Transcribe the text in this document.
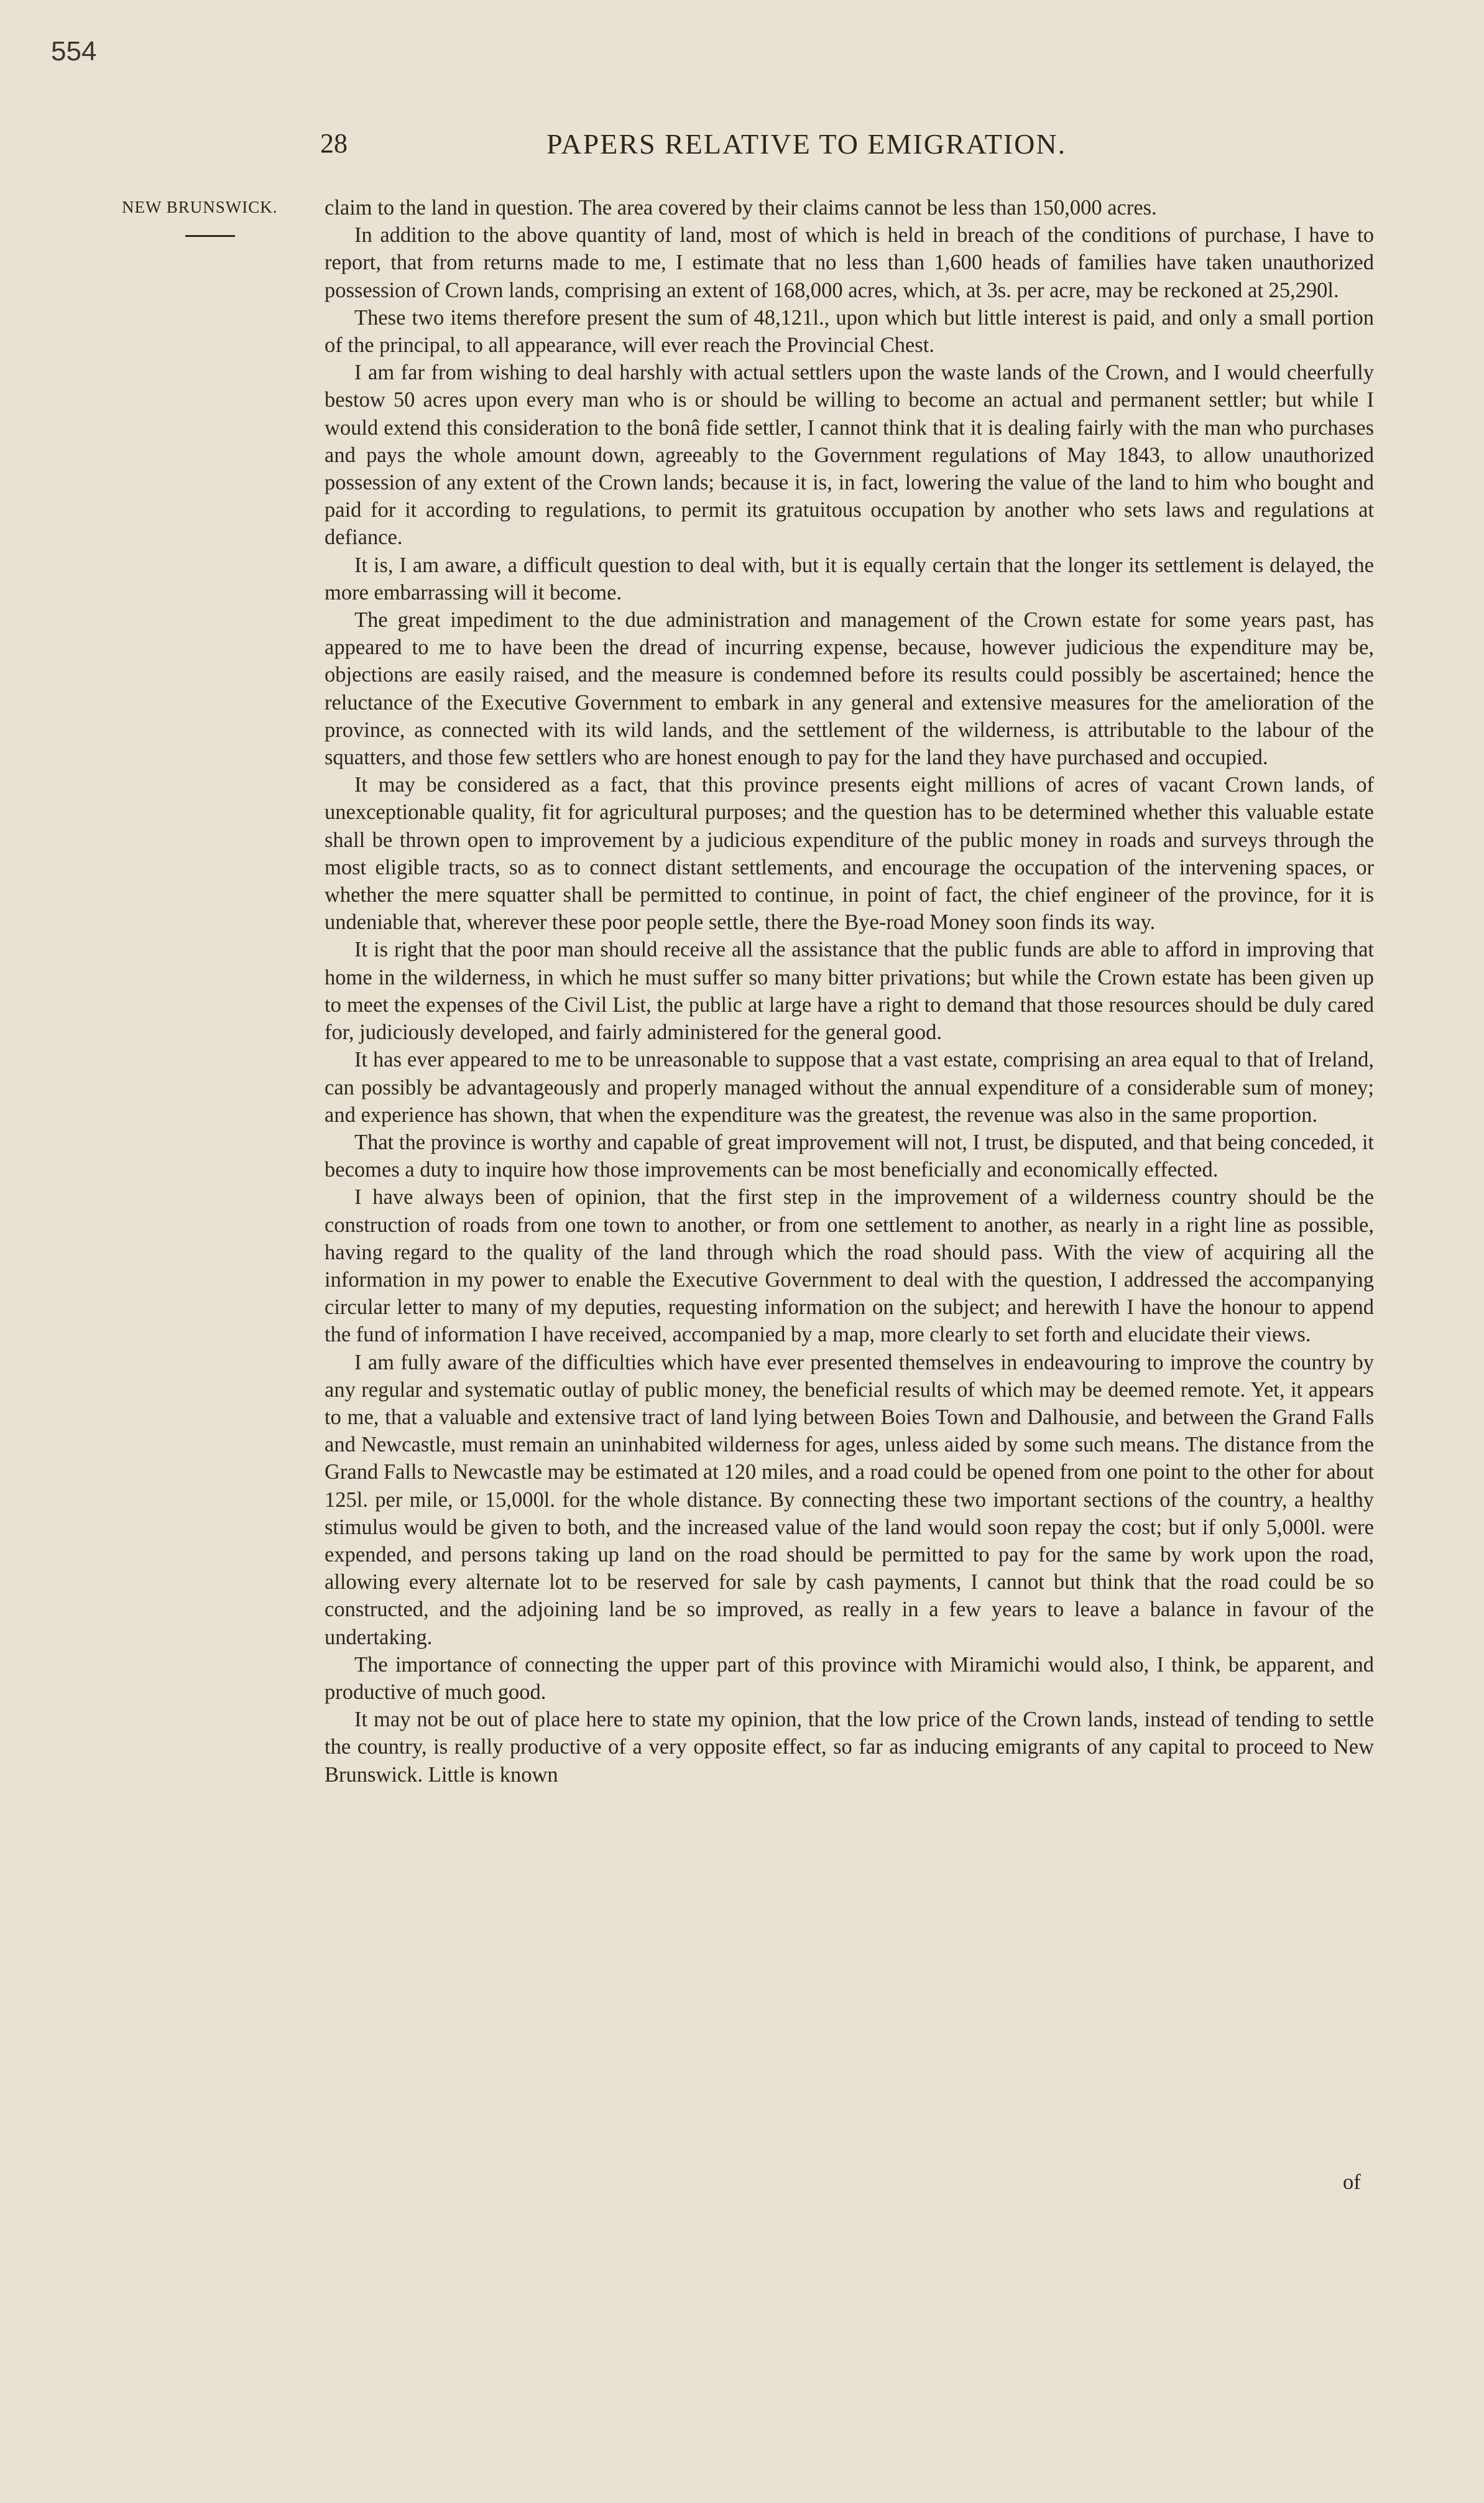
554
28	PAPERS RELATIVE TO EMIGRATION.
NEW BRUNSWICK.	claim to the land in question. The area covered by their claims cannot be less than 150,000 acres.

In addition to the above quantity of land, most of which is held in breach of the conditions of purchase, I have to report, that from returns made to me, I estimate that no less than 1,600 heads of families have taken unauthorized possession of Crown lands, comprising an extent of 168,000 acres, which, at 3s. per acre, may be reckoned at 25,290l.

These two items therefore present the sum of 48,121l., upon which but little interest is paid, and only a small portion of the principal, to all appearance, will ever reach the Provincial Chest.

I am far from wishing to deal harshly with actual settlers upon the waste lands of the Crown, and I would cheerfully bestow 50 acres upon every man who is or should be willing to become an actual and permanent settler; but while I would extend this consideration to the bonâ fide settler, I cannot think that it is dealing fairly with the man who purchases and pays the whole amount down, agreeably to the Government regulations of May 1843, to allow unauthorized possession of any extent of the Crown lands; because it is, in fact, lowering the value of the land to him who bought and paid for it according to regulations, to permit its gratuitous occupation by another who sets laws and regulations at defiance.

It is, I am aware, a difficult question to deal with, but it is equally certain that the longer its settlement is delayed, the more embarrassing will it become.

The great impediment to the due administration and management of the Crown estate for some years past, has appeared to me to have been the dread of incurring expense, because, however judicious the expenditure may be, objections are easily raised, and the measure is condemned before its results could possibly be ascertained; hence the reluctance of the Executive Government to embark in any general and extensive measures for the amelioration of the province, as connected with its wild lands, and the settlement of the wilderness, is attributable to the labour of the squatters, and those few settlers who are honest enough to pay for the land they have purchased and occupied.

It may be considered as a fact, that this province presents eight millions of acres of vacant Crown lands, of unexceptionable quality, fit for agricultural purposes; and the question has to be determined whether this valuable estate shall be thrown open to improvement by a judicious expenditure of the public money in roads and surveys through the most eligible tracts, so as to connect distant settlements, and encourage the occupation of the intervening spaces, or whether the mere squatter shall be permitted to continue, in point of fact, the chief engineer of the province, for it is undeniable that, wherever these poor people settle, there the Bye-road Money soon finds its way.

It is right that the poor man should receive all the assistance that the public funds are able to afford in improving that home in the wilderness, in which he must suffer so many bitter privations; but while the Crown estate has been given up to meet the expenses of the Civil List, the public at large have a right to demand that those resources should be duly cared for, judiciously developed, and fairly administered for the general good.

It has ever appeared to me to be unreasonable to suppose that a vast estate, comprising an area equal to that of Ireland, can possibly be advantageously and properly managed without the annual expenditure of a considerable sum of money; and experience has shown, that when the expenditure was the greatest, the revenue was also in the same proportion.

That the province is worthy and capable of great improvement will not, I trust, be disputed, and that being conceded, it becomes a duty to inquire how those improvements can be most beneficially and economically effected.

I have always been of opinion, that the first step in the improvement of a wilderness country should be the construction of roads from one town to another, or from one settlement to another, as nearly in a right line as possible, having regard to the quality of the land through which the road should pass. With the view of acquiring all the information in my power to enable the Executive Government to deal with the question, I addressed the accompanying circular letter to many of my deputies, requesting information on the subject; and herewith I have the honour to append the fund of information I have received, accompanied by a map, more clearly to set forth and elucidate their views.

I am fully aware of the difficulties which have ever presented themselves in endeavouring to improve the country by any regular and systematic outlay of public money, the beneficial results of which may be deemed remote. Yet, it appears to me, that a valuable and extensive tract of land lying between Boies Town and Dalhousie, and between the Grand Falls and Newcastle, must remain an uninhabited wilderness for ages, unless aided by some such means. The distance from the Grand Falls to Newcastle may be estimated at 120 miles, and a road could be opened from one point to the other for about 125l. per mile, or 15,000l. for the whole distance. By connecting these two important sections of the country, a healthy stimulus would be given to both, and the increased value of the land would soon repay the cost; but if only 5,000l. were expended, and persons taking up land on the road should be permitted to pay for the same by work upon the road, allowing every alternate lot to be reserved for sale by cash payments, I cannot but think that the road could be so constructed, and the adjoining land be so improved, as really in a few years to leave a balance in favour of the undertaking.

The importance of connecting the upper part of this province with Miramichi would also, I think, be apparent, and productive of much good.

It may not be out of place here to state my opinion, that the low price of the Crown lands, instead of tending to settle the country, is really productive of a very opposite effect, so far as inducing emigrants of any capital to proceed to New Brunswick. Little is known

of
